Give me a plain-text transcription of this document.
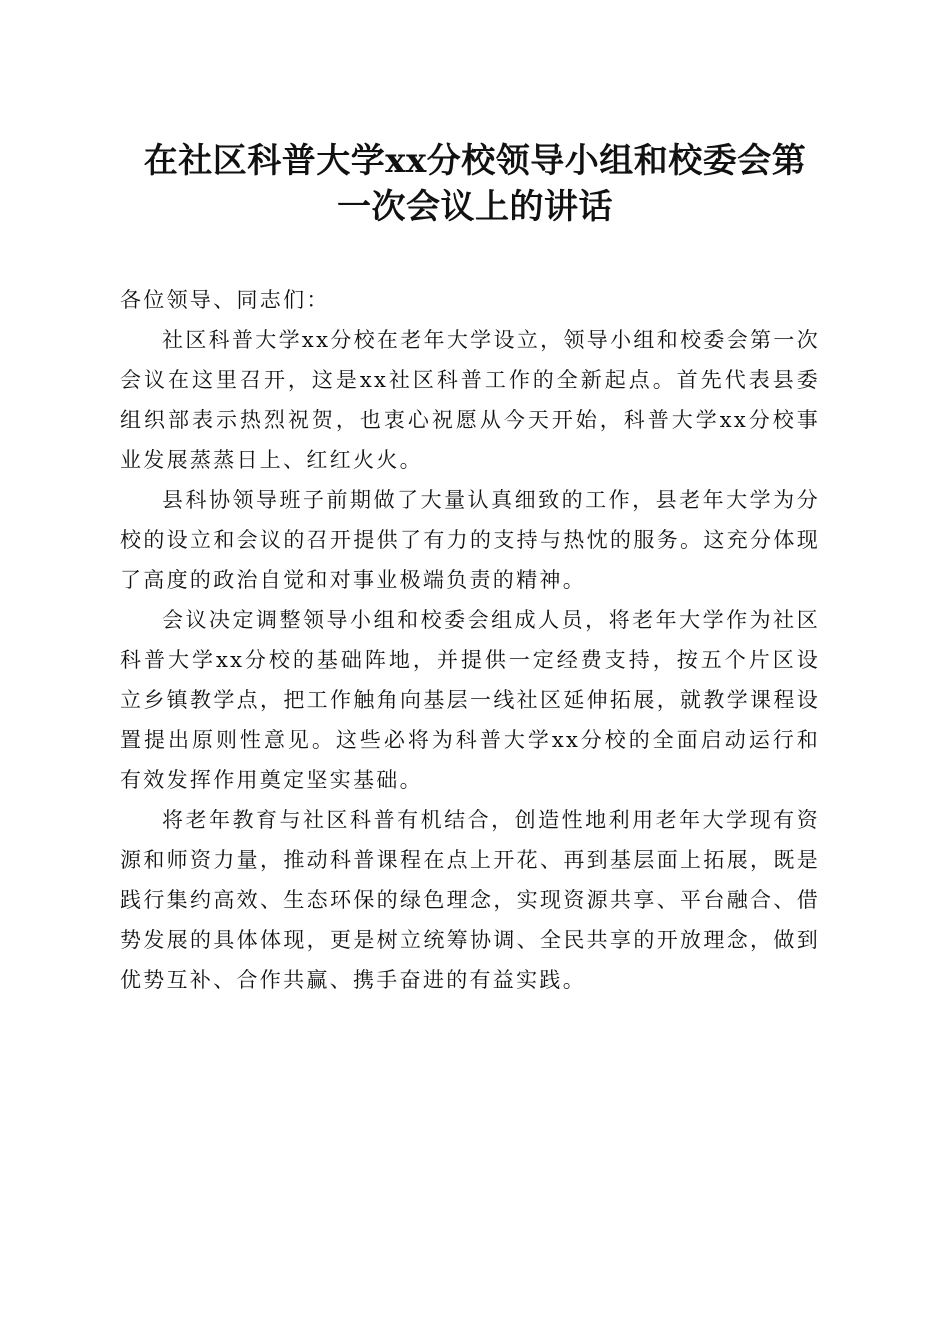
在社区科普大学xx分校领导小组和校委会第
一次会议上的讲话

各位领导、同志们：

社区科普大学xx分校在老年大学设立，领导小组和校委会第一次会议在这里召开，这是xx社区科普工作的全新起点。首先代表县委组织部表示热烈祝贺，也衷心祝愿从今天开始，科普大学xx分校事业发展蒸蒸日上、红红火火。

县科协领导班子前期做了大量认真细致的工作，县老年大学为分校的设立和会议的召开提供了有力的支持与热忱的服务。这充分体现了高度的政治自觉和对事业极端负责的精神。

会议决定调整领导小组和校委会组成人员，将老年大学作为社区科普大学xx分校的基础阵地，并提供一定经费支持，按五个片区设立乡镇教学点，把工作触角向基层一线社区延伸拓展，就教学课程设置提出原则性意见。这些必将为科普大学xx分校的全面启动运行和有效发挥作用奠定坚实基础。

将老年教育与社区科普有机结合，创造性地利用老年大学现有资源和师资力量，推动科普课程在点上开花、再到基层面上拓展，既是践行集约高效、生态环保的绿色理念，实现资源共享、平台融合、借势发展的具体体现，更是树立统筹协调、全民共享的开放理念，做到优势互补、合作共赢、携手奋进的有益实践。
